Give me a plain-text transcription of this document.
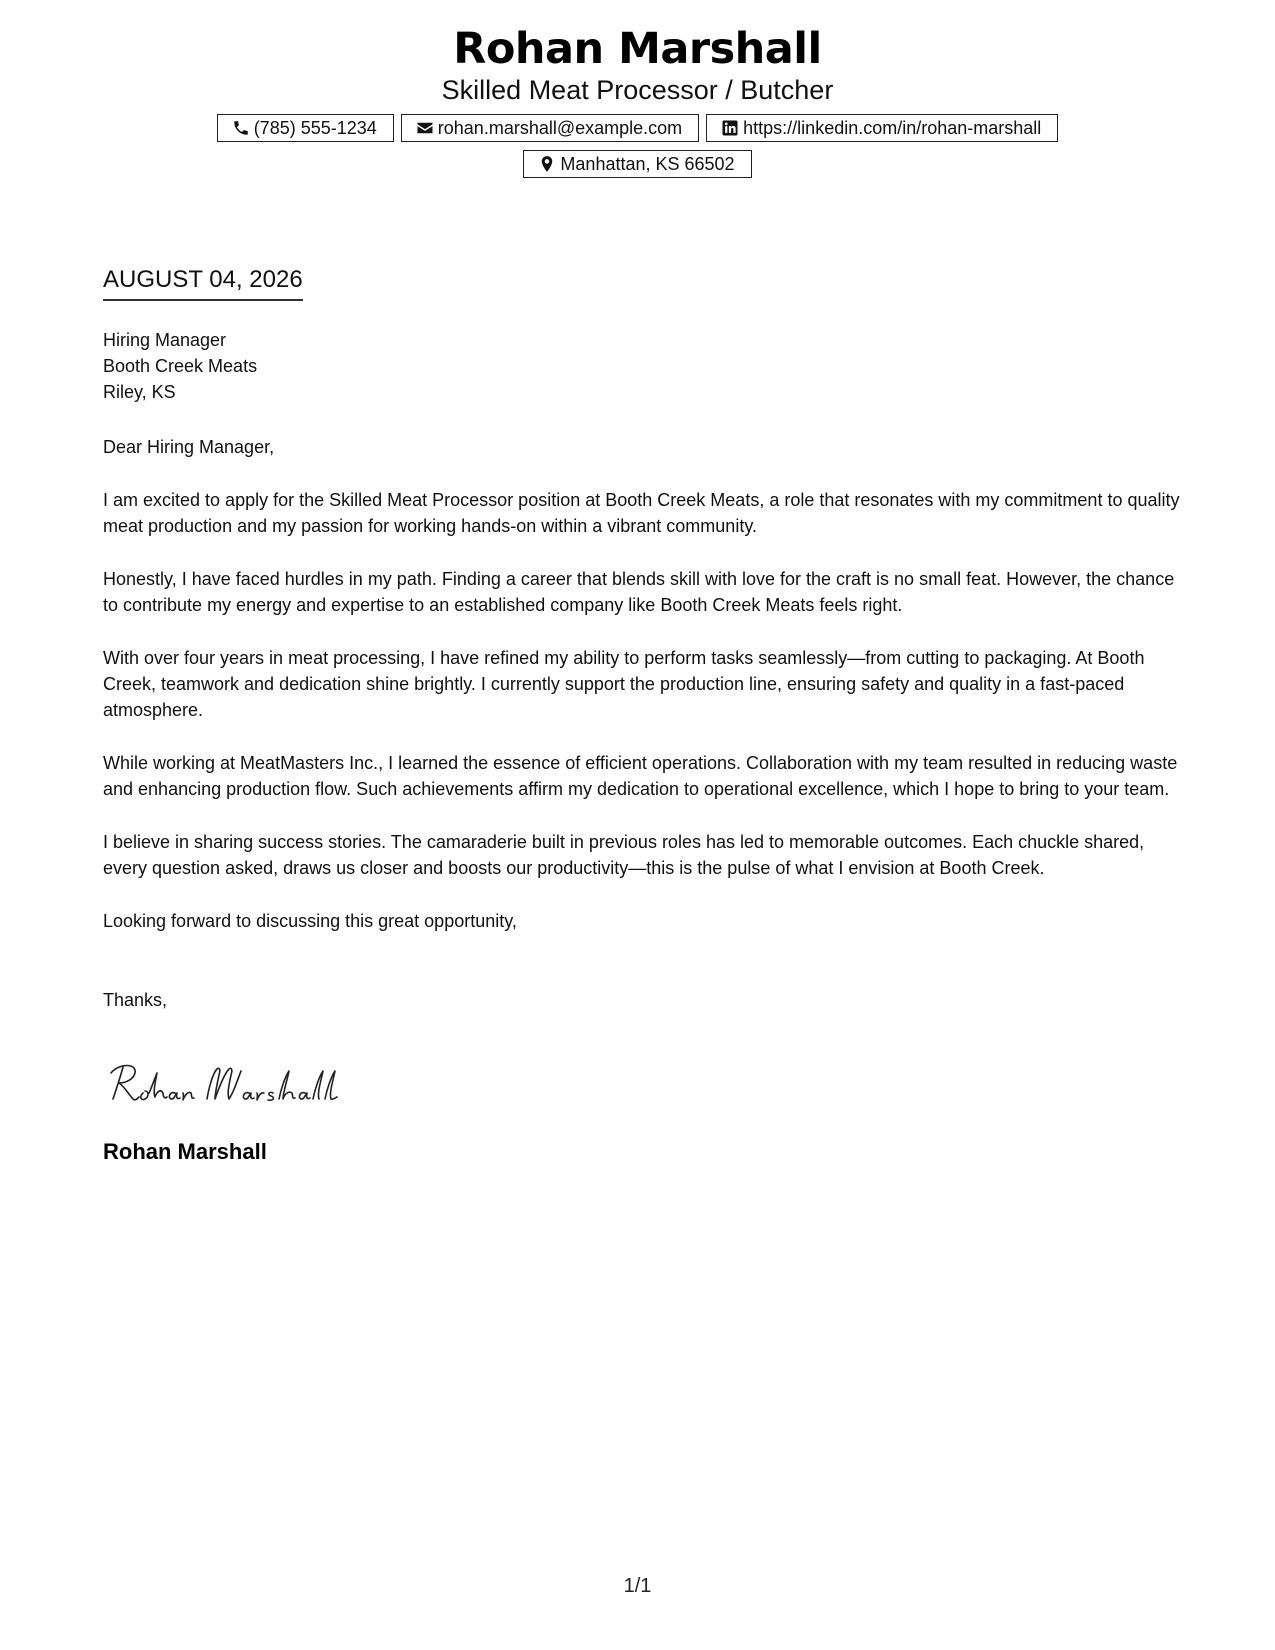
Rohan Marshall
Skilled Meat Processor / Butcher
(785) 555-1234	rohan.marshall@example.com	https://linkedin.com/in/rohan-marshall
Manhattan, KS 66502
AUGUST 04, 2026
Hiring Manager
Booth Creek Meats
Riley, KS
Dear Hiring Manager,

I am excited to apply for the Skilled Meat Processor position at Booth Creek Meats, a role that resonates with my commitment to quality meat production and my passion for working hands-on within a vibrant community.

Honestly, I have faced hurdles in my path. Finding a career that blends skill with love for the craft is no small feat. However, the chance to contribute my energy and expertise to an established company like Booth Creek Meats feels right.

With over four years in meat processing, I have refined my ability to perform tasks seamlessly—from cutting to packaging. At Booth Creek, teamwork and dedication shine brightly. I currently support the production line, ensuring safety and quality in a fast-paced atmosphere.

While working at MeatMasters Inc., I learned the essence of efficient operations. Collaboration with my team resulted in reducing waste and enhancing production flow. Such achievements affirm my dedication to operational excellence, which I hope to bring to your team.

I believe in sharing success stories. The camaraderie built in previous roles has led to memorable outcomes. Each chuckle shared, every question asked, draws us closer and boosts our productivity—this is the pulse of what I envision at Booth Creek.

Looking forward to discussing this great opportunity,
Thanks,
Rohan Marshall
1/1
